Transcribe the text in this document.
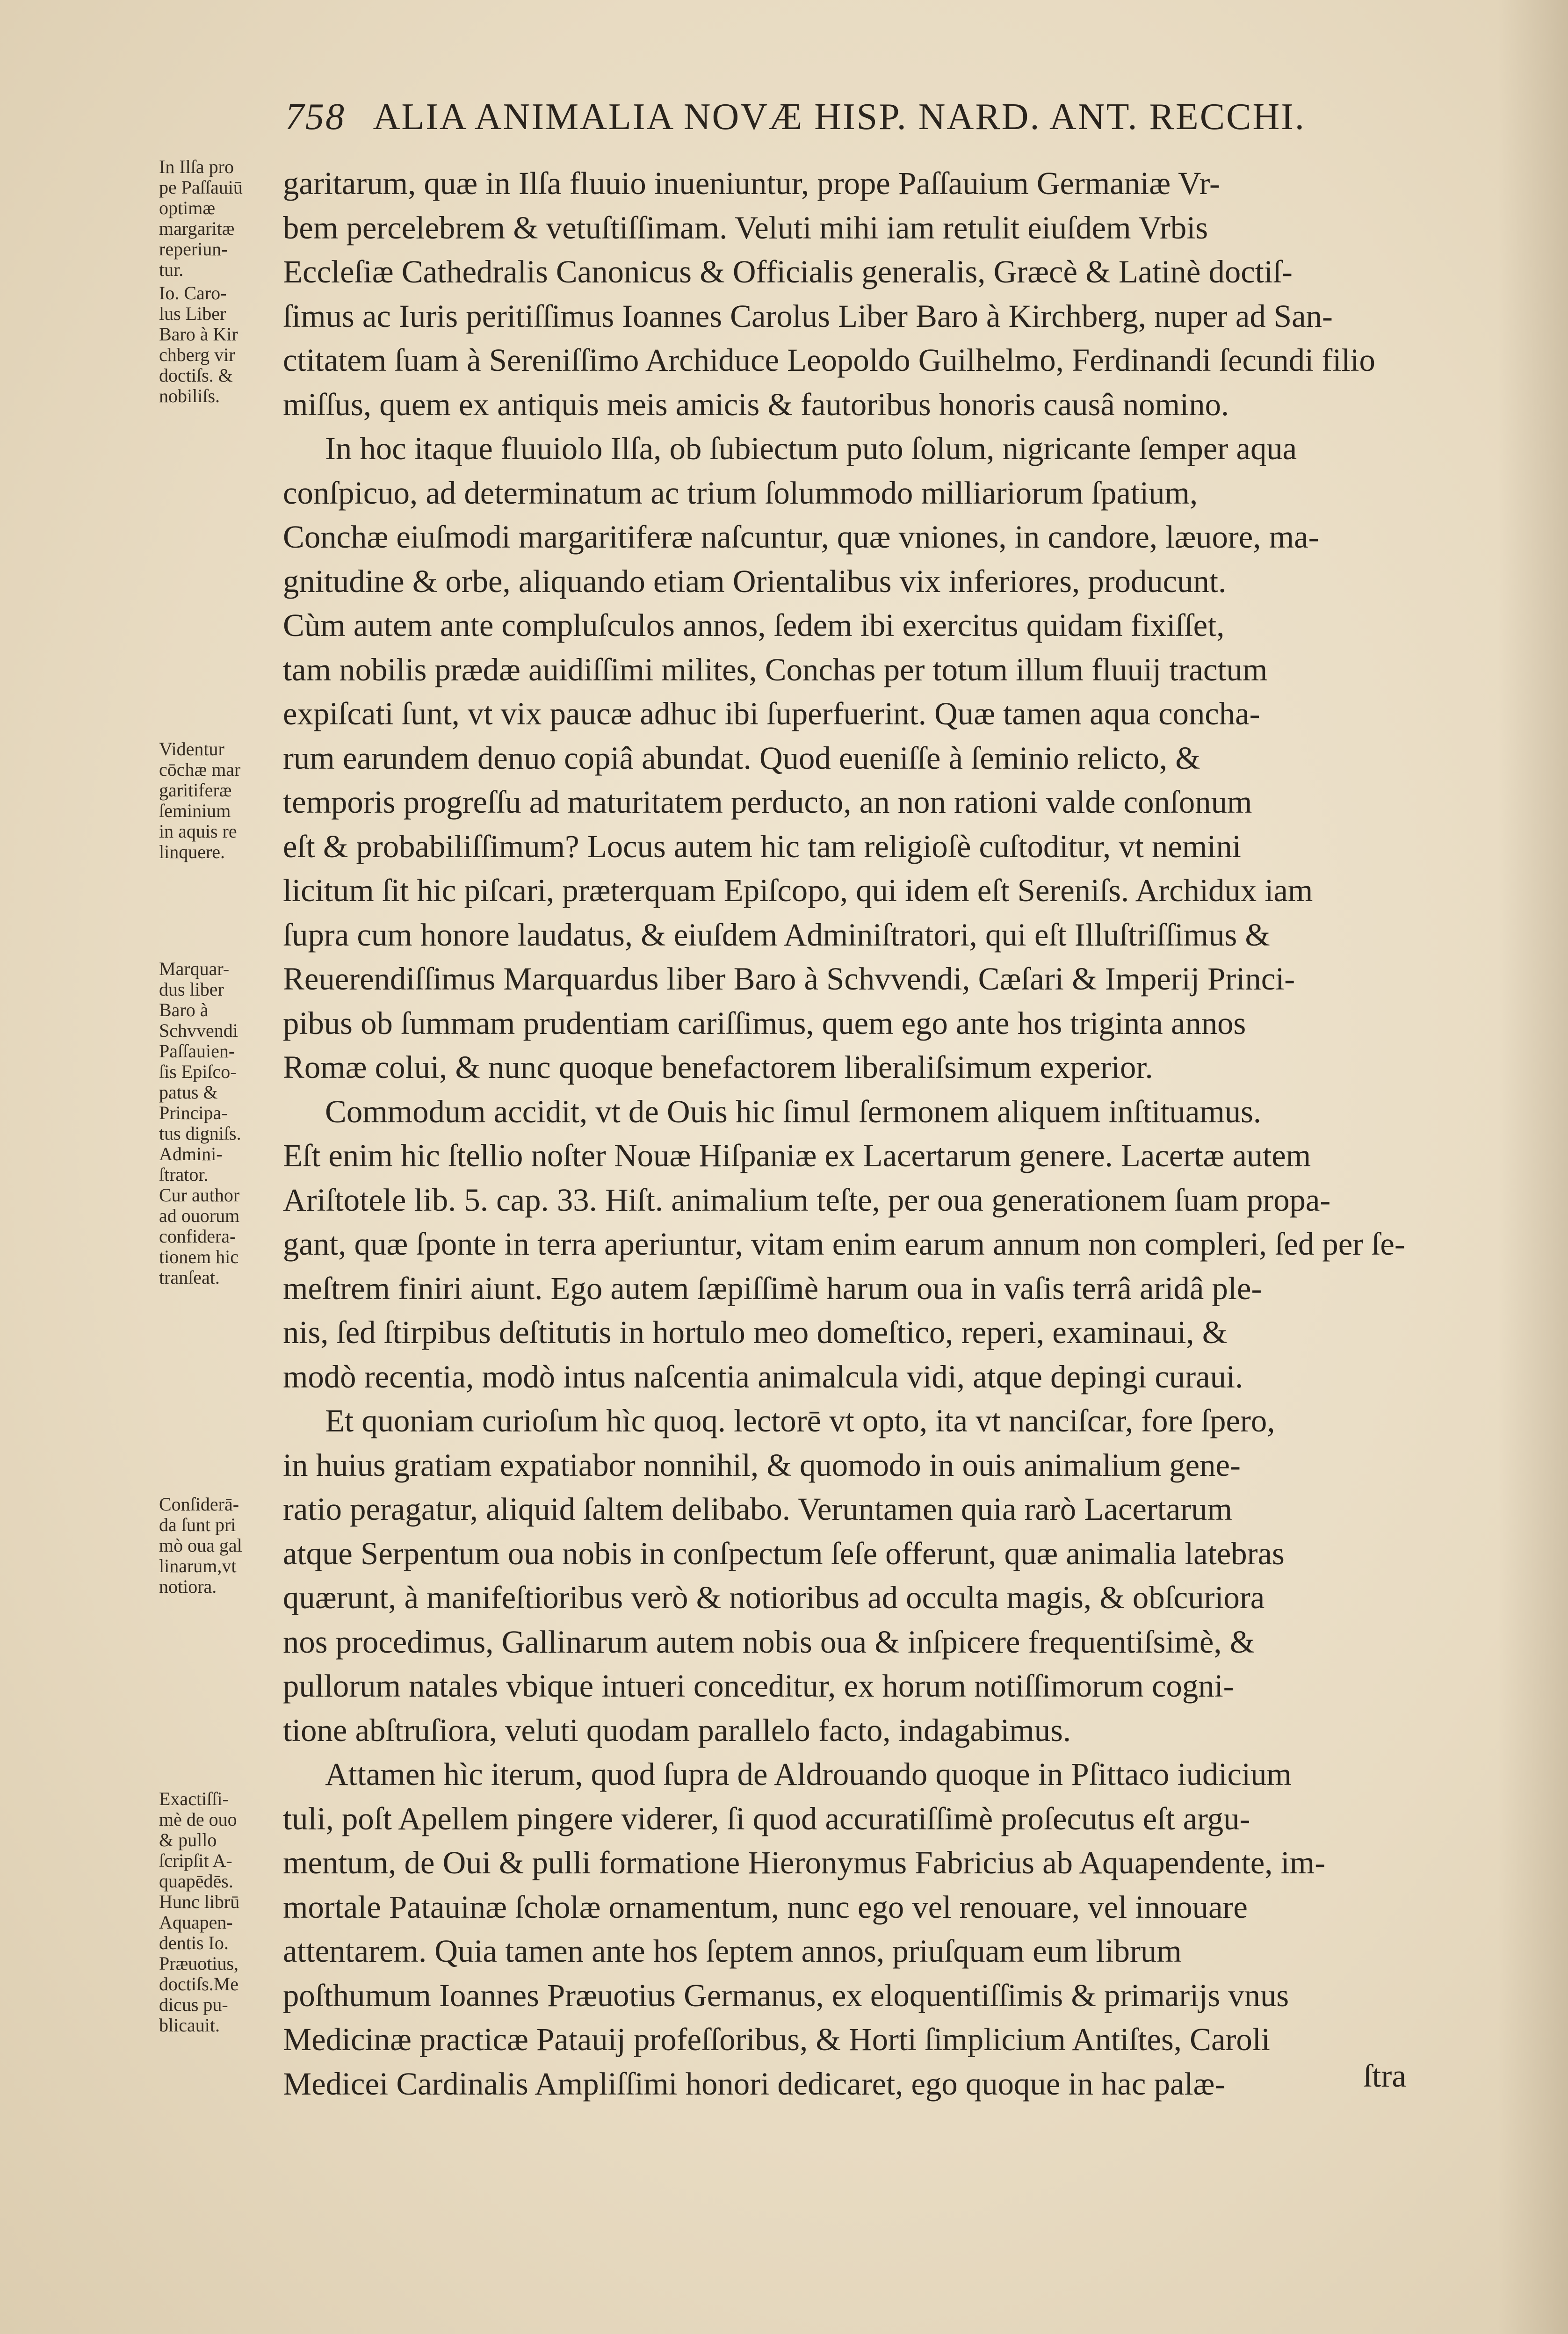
758 ALIA ANIMALIA NOVÆ HISP. NARD. ANT. RECCHI.
In Ilſa pro
pe Paſſauiū
optimæ
margaritæ
reperiun-
tur.
Io. Caro-
lus Liber
Baro à Kir
chberg vir
doctiſs. &
nobiliſs.
Videntur
cōchæ mar
garitiferæ
ſeminium
in aquis re
linquere.
Marquar-
dus liber
Baro à
Schvvendi
Paſſauien-
ſis Epiſco-
patus &
Principa-
tus digniſs.
Admini-
ſtrator.
Cur author
ad ouorum
confidera-
tionem hic
tranſeat.
Conſiderā-
da ſunt pri
mò oua gal
linarum,vt
notiora.
Exactiſſi-
mè de ouo
& pullo
ſcripſit A-
quapēdēs.
Hunc librū
Aquapen-
dentis Io.
Præuotius,
doctiſs.Me
dicus pu-
blicauit.
garitarum, quæ in Ilſa fluuio inueniuntur, prope Paſſauium Germaniæ Vr-
bem percelebrem & vetuſtiſſimam. Veluti mihi iam retulit eiuſdem Vrbis
Eccleſiæ Cathedralis Canonicus & Officialis generalis, Græcè & Latinè doctiſ-
ſimus ac Iuris peritiſſimus Ioannes Carolus Liber Baro à Kirchberg, nuper ad San-
ctitatem ſuam à Sereniſſimo Archiduce Leopoldo Guilhelmo, Ferdinandi ſecundi filio
miſſus, quem ex antiquis meis amicis & fautoribus honoris causâ nomino.
In hoc itaque fluuiolo Ilſa, ob ſubiectum puto ſolum, nigricante ſemper aqua
conſpicuo, ad determinatum ac trium ſolummodo milliariorum ſpatium,
Conchæ eiuſmodi margaritiferæ naſcuntur, quæ vniones, in candore, læuore, ma-
gnitudine & orbe, aliquando etiam Orientalibus vix inferiores, producunt.
Cùm autem ante compluſculos annos, ſedem ibi exercitus quidam fixiſſet,
tam nobilis prædæ auidiſſimi milites, Conchas per totum illum fluuij tractum
expiſcati ſunt, vt vix paucæ adhuc ibi ſuperfuerint. Quæ tamen aqua concha-
rum earundem denuo copiâ abundat. Quod eueniſſe à ſeminio relicto, &
temporis progreſſu ad maturitatem perducto, an non rationi valde conſonum
eſt & probabiliſſimum? Locus autem hic tam religioſè cuſtoditur, vt nemini
licitum ſit hic piſcari, præterquam Epiſcopo, qui idem eſt Sereniſs. Archidux iam
ſupra cum honore laudatus, & eiuſdem Adminiſtratori, qui eſt Illuſtriſſimus &
Reuerendiſſimus Marquardus liber Baro à Schvvendi, Cæſari & Imperij Princi-
pibus ob ſummam prudentiam cariſſimus, quem ego ante hos triginta annos
Romæ colui, & nunc quoque benefactorem liberaliſsimum experior.
Commodum accidit, vt de Ouis hic ſimul ſermonem aliquem inſtituamus.
Eſt enim hic ſtellio noſter Nouæ Hiſpaniæ ex Lacertarum genere. Lacertæ autem
Ariſtotele lib. 5. cap. 33. Hiſt. animalium teſte, per oua generationem ſuam propa-
gant, quæ ſponte in terra aperiuntur, vitam enim earum annum non compleri, ſed per ſe-
meſtrem finiri aiunt. Ego autem ſæpiſſimè harum oua in vaſis terrâ aridâ ple-
nis, ſed ſtirpibus deſtitutis in hortulo meo domeſtico, reperi, examinaui, &
modò recentia, modò intus naſcentia animalcula vidi, atque depingi curaui.
Et quoniam curioſum hìc quoq. lectorē vt opto, ita vt nanciſcar, fore ſpero,
in huius gratiam expatiabor nonnihil, & quomodo in ouis animalium gene-
ratio peragatur, aliquid ſaltem delibabo. Veruntamen quia rarò Lacertarum
atque Serpentum oua nobis in conſpectum ſeſe offerunt, quæ animalia latebras
quærunt, à manifeſtioribus verò & notioribus ad occulta magis, & obſcuriora
nos procedimus, Gallinarum autem nobis oua & inſpicere frequentiſsimè, &
pullorum natales vbique intueri conceditur, ex horum notiſſimorum cogni-
tione abſtruſiora, veluti quodam parallelo facto, indagabimus.
Attamen hìc iterum, quod ſupra de Aldrouando quoque in Pſittaco iudicium
tuli, poſt Apellem pingere viderer, ſi quod accuratiſſimè proſecutus eſt argu-
mentum, de Oui & pulli formatione Hieronymus Fabricius ab Aquapendente, im-
mortale Patauinæ ſcholæ ornamentum, nunc ego vel renouare, vel innouare
attentarem. Quia tamen ante hos ſeptem annos, priuſquam eum librum
poſthumum Ioannes Præuotius Germanus, ex eloquentiſſimis & primarijs vnus
Medicinæ practicæ Patauij profeſſoribus, & Horti ſimplicium Antiſtes, Caroli
Medicei Cardinalis Ampliſſimi honori dedicaret, ego quoque in hac palæ-	ſtra
